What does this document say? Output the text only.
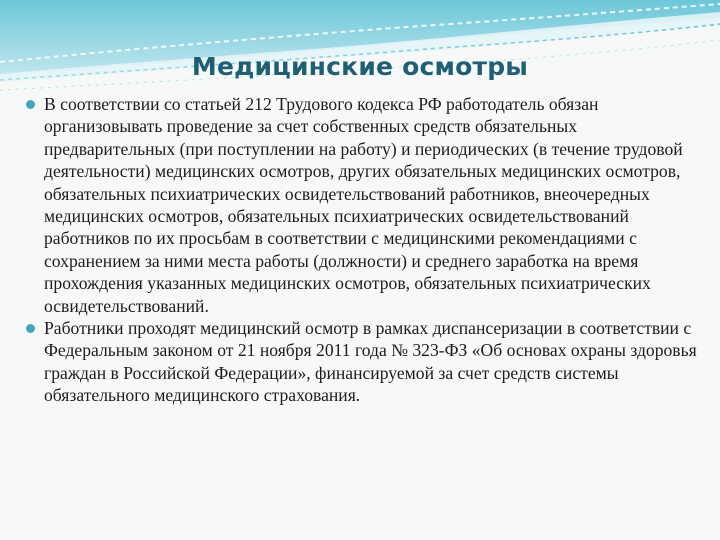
Медицинские осмотры
В соответствии со статьей 212 Трудового кодекса РФ работодатель обязан организовывать проведение за счет собственных средств обязательных предварительных (при поступлении на работу) и периодических (в течение трудовой деятельности) медицинских осмотров, других обязательных медицинских осмотров, обязательных психиатрических освидетельствований работников, внеочередных медицинских осмотров, обязательных психиатрических освидетельствований работников по их просьбам в соответствии с медицинскими рекомендациями с сохранением за ними места работы (должности) и среднего заработка на время прохождения указанных медицинских осмотров, обязательных психиатрических освидетельствований.
Работники проходят медицинский осмотр в рамках диспансеризации в соответствии с Федеральным законом от 21 ноября 2011 года № 323-ФЗ «Об основах охраны здоровья граждан в Российской Федерации», финансируемой за счет средств системы обязательного медицинского страхования.
